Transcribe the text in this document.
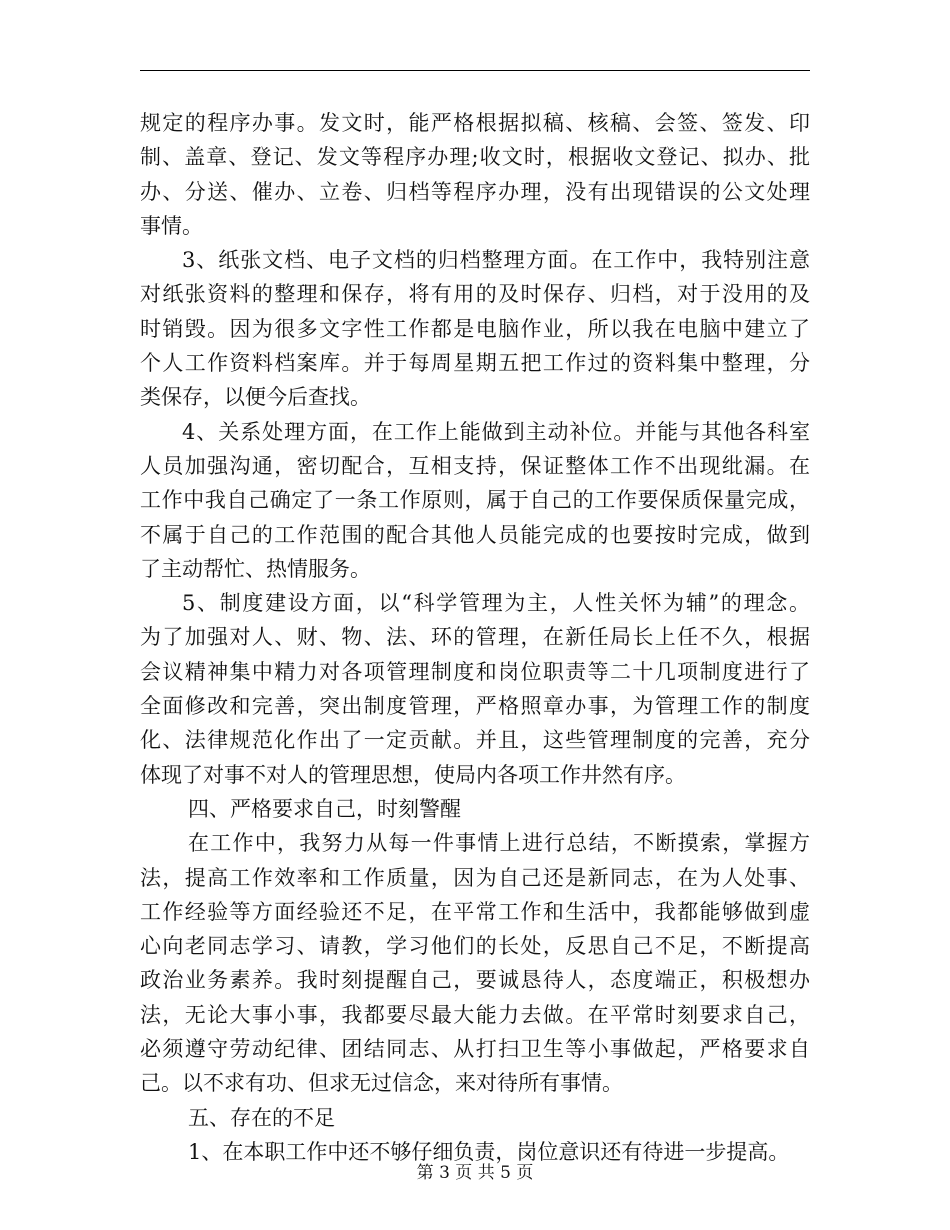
规定的程序办事。发文时，能严格根据拟稿、核稿、会签、签发、印
制、盖章、登记、发文等程序办理;收文时，根据收文登记、拟办、批
办、分送、催办、立卷、归档等程序办理，没有出现错误的公文处理
事情。
3、纸张文档、电子文档的归档整理方面。在工作中，我特别注意
对纸张资料的整理和保存，将有用的及时保存、归档，对于没用的及
时销毁。因为很多文字性工作都是电脑作业，所以我在电脑中建立了
个人工作资料档案库。并于每周星期五把工作过的资料集中整理，分
类保存，以便今后查找。
4、关系处理方面，在工作上能做到主动补位。并能与其他各科室
人员加强沟通，密切配合，互相支持，保证整体工作不出现纰漏。在
工作中我自己确定了一条工作原则，属于自己的工作要保质保量完成，
不属于自己的工作范围的配合其他人员能完成的也要按时完成，做到
了主动帮忙、热情服务。
5、制度建设方面，以“科学管理为主，人性关怀为辅”的理念。
为了加强对人、财、物、法、环的管理，在新任局长上任不久，根据
会议精神集中精力对各项管理制度和岗位职责等二十几项制度进行了
全面修改和完善，突出制度管理，严格照章办事，为管理工作的制度
化、法律规范化作出了一定贡献。并且，这些管理制度的完善，充分
体现了对事不对人的管理思想，使局内各项工作井然有序。
四、严格要求自己，时刻警醒
在工作中，我努力从每一件事情上进行总结，不断摸索，掌握方
法，提高工作效率和工作质量，因为自己还是新同志，在为人处事、
工作经验等方面经验还不足，在平常工作和生活中，我都能够做到虚
心向老同志学习、请教，学习他们的长处，反思自己不足，不断提高
政治业务素养。我时刻提醒自己，要诚恳待人，态度端正，积极想办
法，无论大事小事，我都要尽最大能力去做。在平常时刻要求自己，
必须遵守劳动纪律、团结同志、从打扫卫生等小事做起，严格要求自
己。以不求有功、但求无过信念，来对待所有事情。
五、存在的不足
1、在本职工作中还不够仔细负责，岗位意识还有待进一步提高。
第 3 页 共 5 页
